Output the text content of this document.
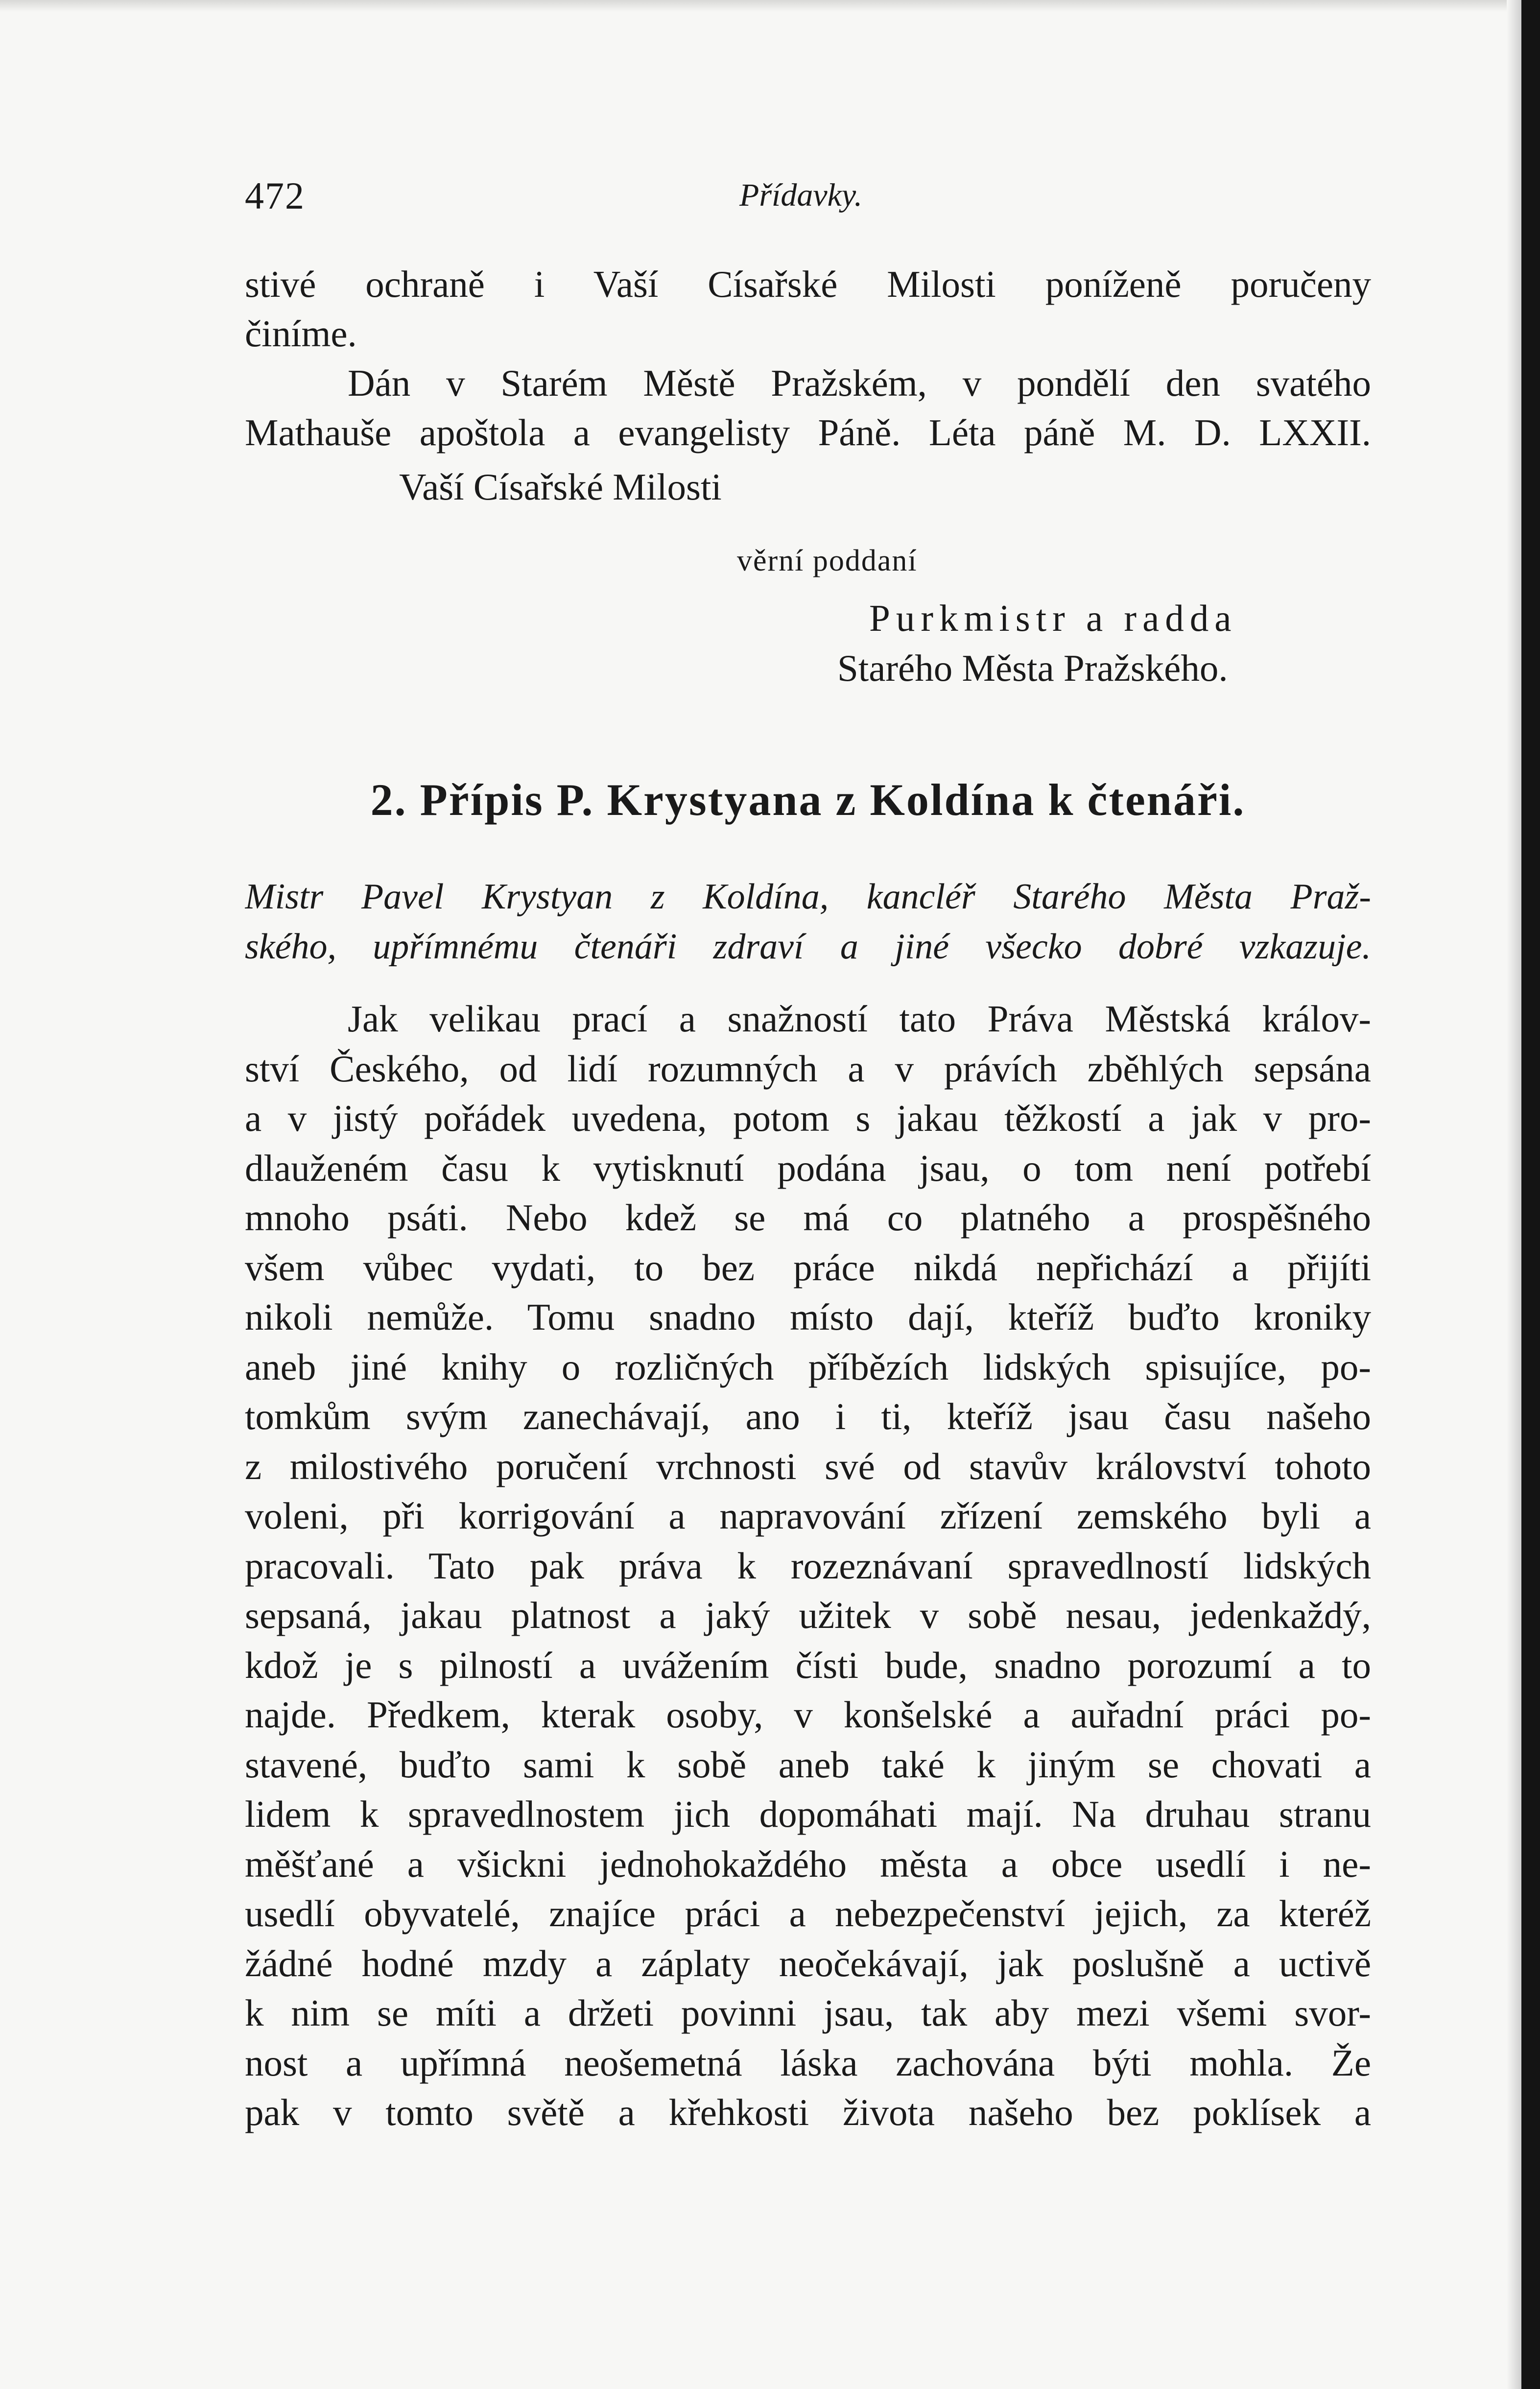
472	Přídavky.
stivé ochraně i Vaší Císařské Milosti poníženě poručeny
činíme.
Dán v Starém Městě Pražském, v pondělí den svatého
Mathauše apoštola a evangelisty Páně. Léta páně M. D. LXXII.
Vaší Císařské Milosti
věrní poddaní
Purkmistr a radda
Starého Města Pražského.
2. Přípis P. Krystyana z Koldína k čtenáři.
Mistr Pavel Krystyan z Koldína, kancléř Starého Města Praž-
ského, upřímnému čtenáři zdraví a jiné všecko dobré vzkazuje.
Jak velikau prací a snažností tato Práva Městská králov-
ství Českého, od lidí rozumných a v právích zběhlých sepsána
a v jistý pořádek uvedena, potom s jakau těžkostí a jak v pro-
dlauženém času k vytisknutí podána jsau, o tom není potřebí
mnoho psáti. Nebo kdež se má co platného a prospěšného
všem vůbec vydati, to bez práce nikdá nepřichází a přijíti
nikoli nemůže. Tomu snadno místo dají, kteříž buďto kroniky
aneb jiné knihy o rozličných příbězích lidských spisujíce, po-
tomkům svým zanechávají, ano i ti, kteříž jsau času našeho
z milostivého poručení vrchnosti své od stavův království tohoto
voleni, při korrigování a napravování zřízení zemského byli a
pracovali. Tato pak práva k rozeznávaní spravedlností lidských
sepsaná, jakau platnost a jaký užitek v sobě nesau, jedenkaždý,
kdož je s pilností a uvážením čísti bude, snadno porozumí a to
najde. Předkem, kterak osoby, v konšelské a auřadní práci po-
stavené, buďto sami k sobě aneb také k jiným se chovati a
lidem k spravedlnostem jich dopomáhati mají. Na druhau stranu
měšťané a všickni jednohokaždého města a obce usedlí i ne-
usedlí obyvatelé, znajíce práci a nebezpečenství jejich, za kteréž
žádné hodné mzdy a záplaty neočekávají, jak poslušně a uctivě
k nim se míti a držeti povinni jsau, tak aby mezi všemi svor-
nost a upřímná neošemetná láska zachována býti mohla. Že
pak v tomto světě a křehkosti života našeho bez poklísek a
